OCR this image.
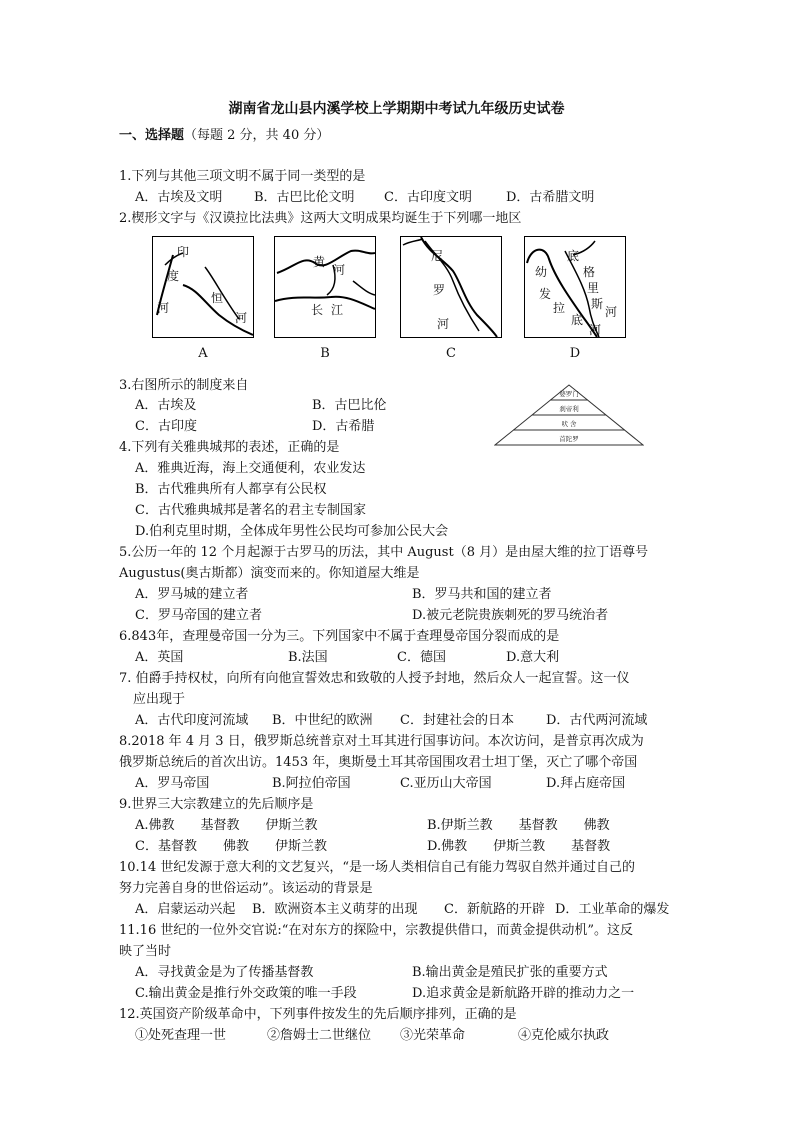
湖南省龙山县内溪学校上学期期中考试九年级历史试卷
一、选择题（每题 2 分，共 40 分）
1.下列与其他三项文明不属于同一类型的是
A．古埃及文明 B．古巴比伦文明 C．古印度文明	D．古希腊文明
2.楔形文字与《汉谟拉比法典》这两大文明成果均诞生于下列哪一地区
印
度
河
恒
河
A
黄
河
长 江
B
尼
罗
河
C
底
格
里
斯
河
幼
发
拉
底
河
D
3.右图所示的制度来自
A．古埃及	B．古巴比伦
C．古印度	D．古希腊
婆罗门
刹帝利
吠 舍
首陀罗
4.下列有关雅典城邦的表述，正确的是
A．雅典近海，海上交通便利，农业发达
B．古代雅典所有人都享有公民权
C．古代雅典城邦是著名的君主专制国家
D.伯利克里时期，全体成年男性公民均可参加公民大会
5.公历一年的 12 个月起源于古罗马的历法，其中 August（8 月）是由屋大维的拉丁语尊号
Augustus(奥古斯都）演变而来的。你知道屋大维是
A．罗马城的建立者	B．罗马共和国的建立者
C．罗马帝国的建立者	D.被元老院贵族刺死的罗马统治者
6.843年，查理曼帝国一分为三。下列国家中不属于查理曼帝国分裂而成的是
A．英国	B.法国	C．德国	D.意大利
7. 伯爵手持权杖，向所有向他宣誓效忠和致敬的人授予封地，然后众人一起宣誓。这一仪
应出现于
A．古代印度河流域 B．中世纪的欧洲 C．封建社会的日本 D．古代两河流域
8.2018 年 4 月 3 日，俄罗斯总统普京对土耳其进行国事访问。本次访问，是普京再次成为
俄罗斯总统后的首次出访。1453 年，奥斯曼土耳其帝国围攻君士坦丁堡，灭亡了哪个帝国
A．罗马帝国	B.阿拉伯帝国	C.亚历山大帝国	D.拜占庭帝国
9.世界三大宗教建立的先后顺序是
A.佛教　　基督教　　伊斯兰教	B.伊斯兰教　　基督教　　佛教
C．基督教　　佛教　　伊斯兰教	D.佛教　　伊斯兰教　　基督教
10.14 世纪发源于意大利的文艺复兴，“是一场人类相信自己有能力驾驭自然并通过自己的
努力完善自身的世俗运动”。该运动的背景是
A．启蒙运动兴起 B．欧洲资本主义萌芽的出现 C．新航路的开辟 D．工业革命的爆发
11.16 世纪的一位外交官说:“在对东方的探险中，宗教提供借口，而黄金提供动机”。这反
映了当时
A．寻找黄金是为了传播基督教	B.输出黄金是殖民扩张的重要方式
C.输出黄金是推行外交政策的唯一手段	D.追求黄金是新航路开辟的推动力之一
12.英国资产阶级革命中，下列事件按发生的先后顺序排列，正确的是
①处死查理一世	②詹姆士二世继位 ③光荣革命	④克伦威尔执政
